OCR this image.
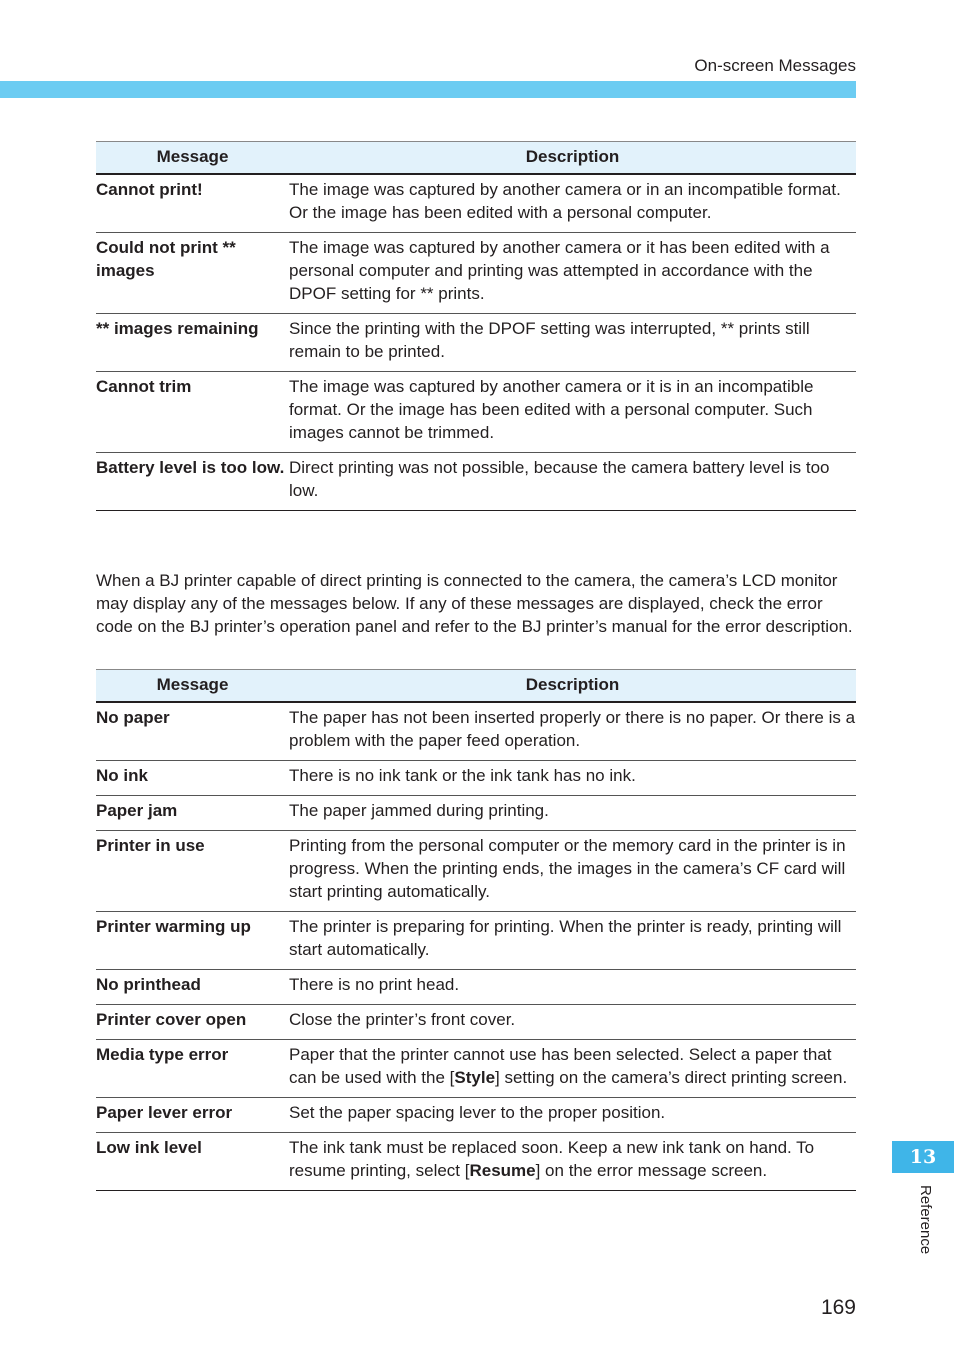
On-screen Messages
Message	Description
Cannot print!	The image was captured by another camera or in an incompatible format. Or the image has been edited with a personal computer.
Could not print ** images	The image was captured by another camera or it has been edited with a personal computer and printing was attempted in accordance with the DPOF setting for ** prints.
** images remaining	Since the printing with the DPOF setting was interrupted, ** prints still remain to be printed.
Cannot trim	The image was captured by another camera or it is in an incompatible format. Or the image has been edited with a personal computer. Such images cannot be trimmed.
Battery level is too low.	Direct printing was not possible, because the camera battery level is too low.
When a BJ printer capable of direct printing is connected to the camera, the camera’s LCD monitor may display any of the messages below. If any of these messages are displayed, check the error code on the BJ printer’s operation panel and refer to the BJ printer’s manual for the error description.
Message	Description
No paper	The paper has not been inserted properly or there is no paper. Or there is a problem with the paper feed operation.
No ink	There is no ink tank or the ink tank has no ink.
Paper jam	The paper jammed during printing.
Printer in use	Printing from the personal computer or the memory card in the printer is in progress. When the printing ends, the images in the camera’s CF card will start printing automatically.
Printer warming up	The printer is preparing for printing. When the printer is ready, printing will start automatically.
No printhead	There is no print head.
Printer cover open	Close the printer’s front cover.
Media type error	Paper that the printer cannot use has been selected. Select a paper that can be used with the [Style] setting on the camera’s direct printing screen.
Paper lever error	Set the paper spacing lever to the proper position.
Low ink level	The ink tank must be replaced soon. Keep a new ink tank on hand. To resume printing, select [Resume] on the error message screen.
13
Reference
169
